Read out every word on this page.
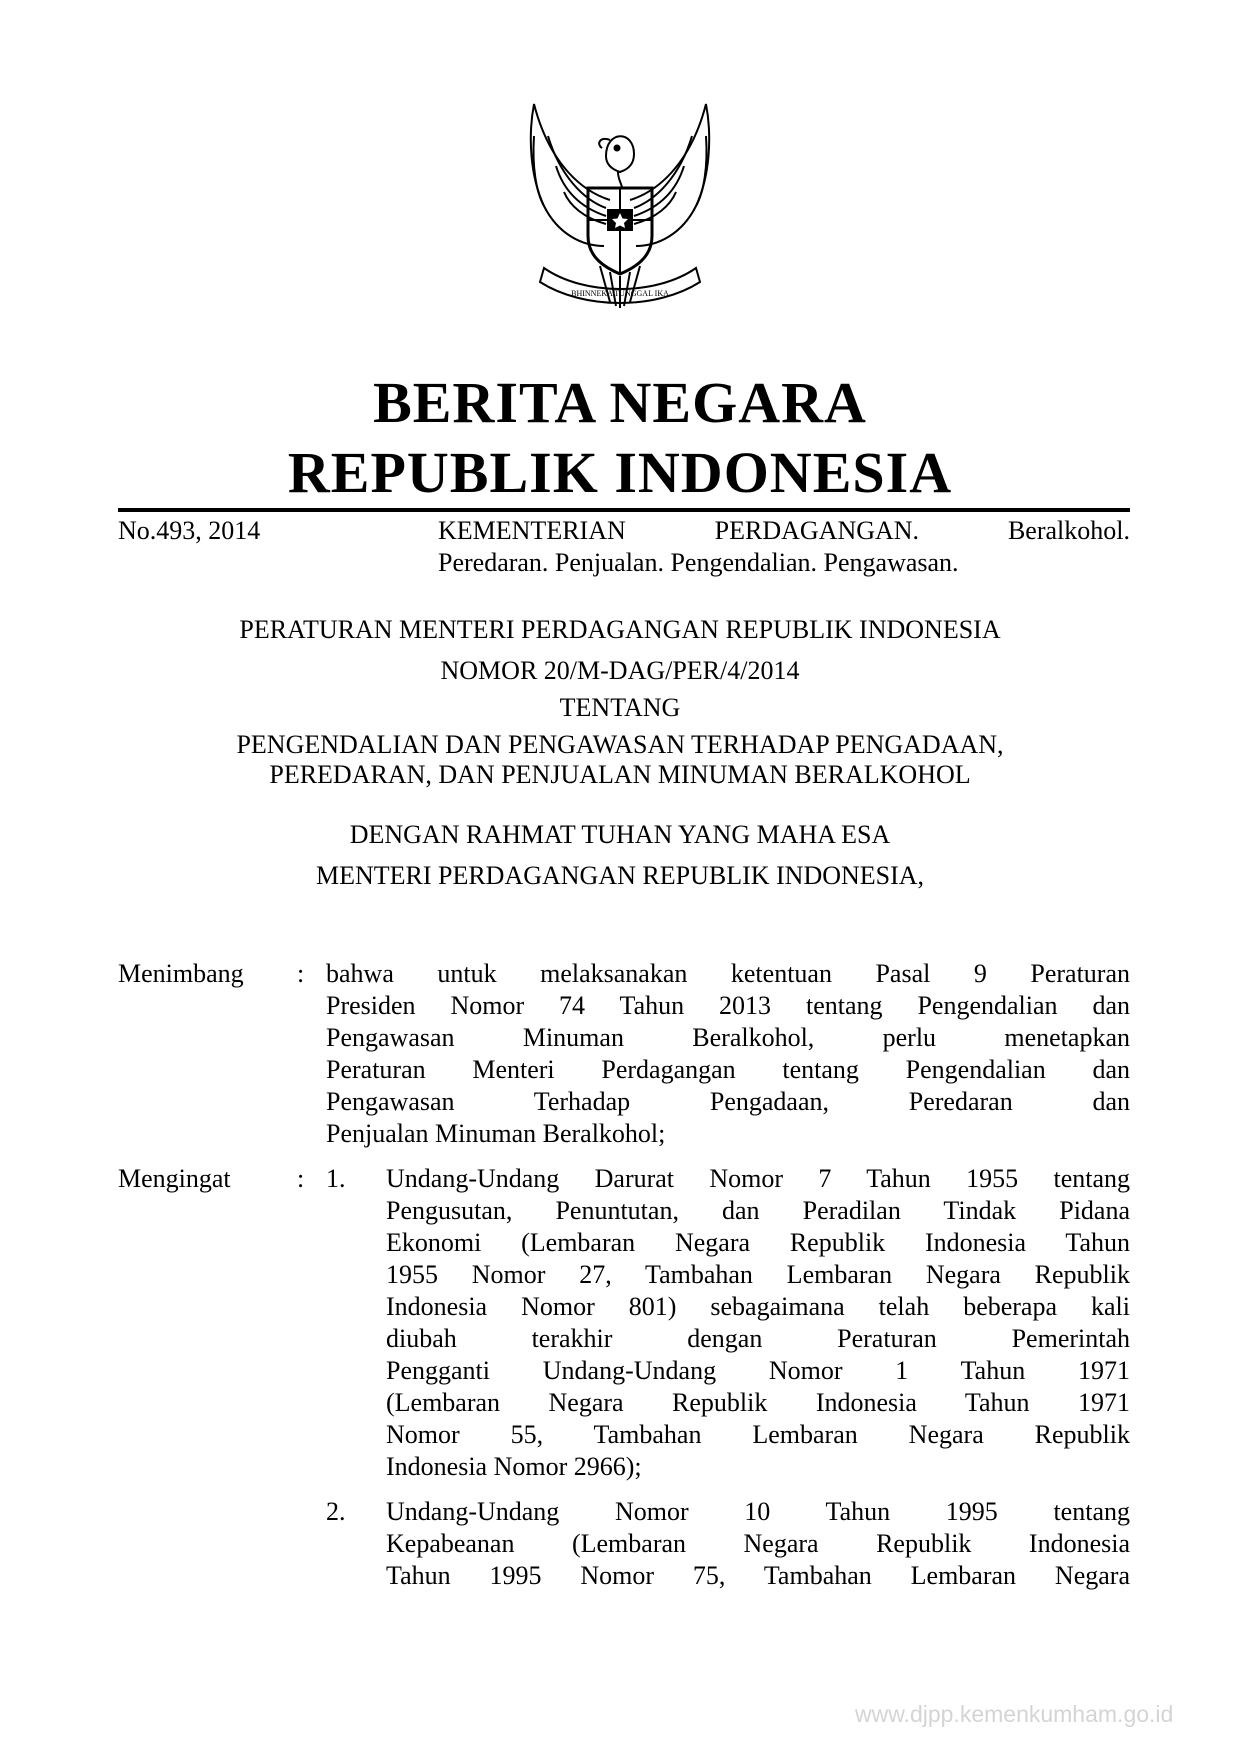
BHINNEKA TUNGGAL IKA
BERITA NEGARA
REPUBLIK INDONESIA
No.493, 2014	KEMENTERIAN PERDAGANGAN. Beralkohol.
Peredaran. Penjualan. Pengendalian. Pengawasan.
PERATURAN MENTERI PERDAGANGAN REPUBLIK INDONESIA
NOMOR 20/M-DAG/PER/4/2014
TENTANG
PENGENDALIAN DAN PENGAWASAN TERHADAP PENGADAAN,
PEREDARAN, DAN PENJUALAN MINUMAN BERALKOHOL
DENGAN RAHMAT TUHAN YANG MAHA ESA
MENTERI PERDAGANGAN REPUBLIK INDONESIA,
Menimbang : bahwa untuk melaksanakan ketentuan Pasal 9 Peraturan
Presiden Nomor 74 Tahun 2013 tentang Pengendalian dan
Pengawasan Minuman Beralkohol, perlu menetapkan
Peraturan Menteri Perdagangan tentang Pengendalian dan
Pengawasan Terhadap Pengadaan, Peredaran dan
Penjualan Minuman Beralkohol;
Mengingat	: 1. Undang-Undang Darurat Nomor 7 Tahun 1955 tentang
Pengusutan, Penuntutan, dan Peradilan Tindak Pidana
Ekonomi (Lembaran Negara Republik Indonesia Tahun
1955 Nomor 27, Tambahan Lembaran Negara Republik
Indonesia Nomor 801) sebagaimana telah beberapa kali
diubah terakhir dengan Peraturan Pemerintah
Pengganti Undang-Undang Nomor 1 Tahun 1971
(Lembaran Negara Republik Indonesia Tahun 1971
Nomor 55, Tambahan Lembaran Negara Republik
Indonesia Nomor 2966);
2. Undang-Undang Nomor 10 Tahun 1995 tentang
Kepabeanan (Lembaran Negara Republik Indonesia
Tahun 1995 Nomor 75, Tambahan Lembaran Negara
www.djpp.kemenkumham.go.id
